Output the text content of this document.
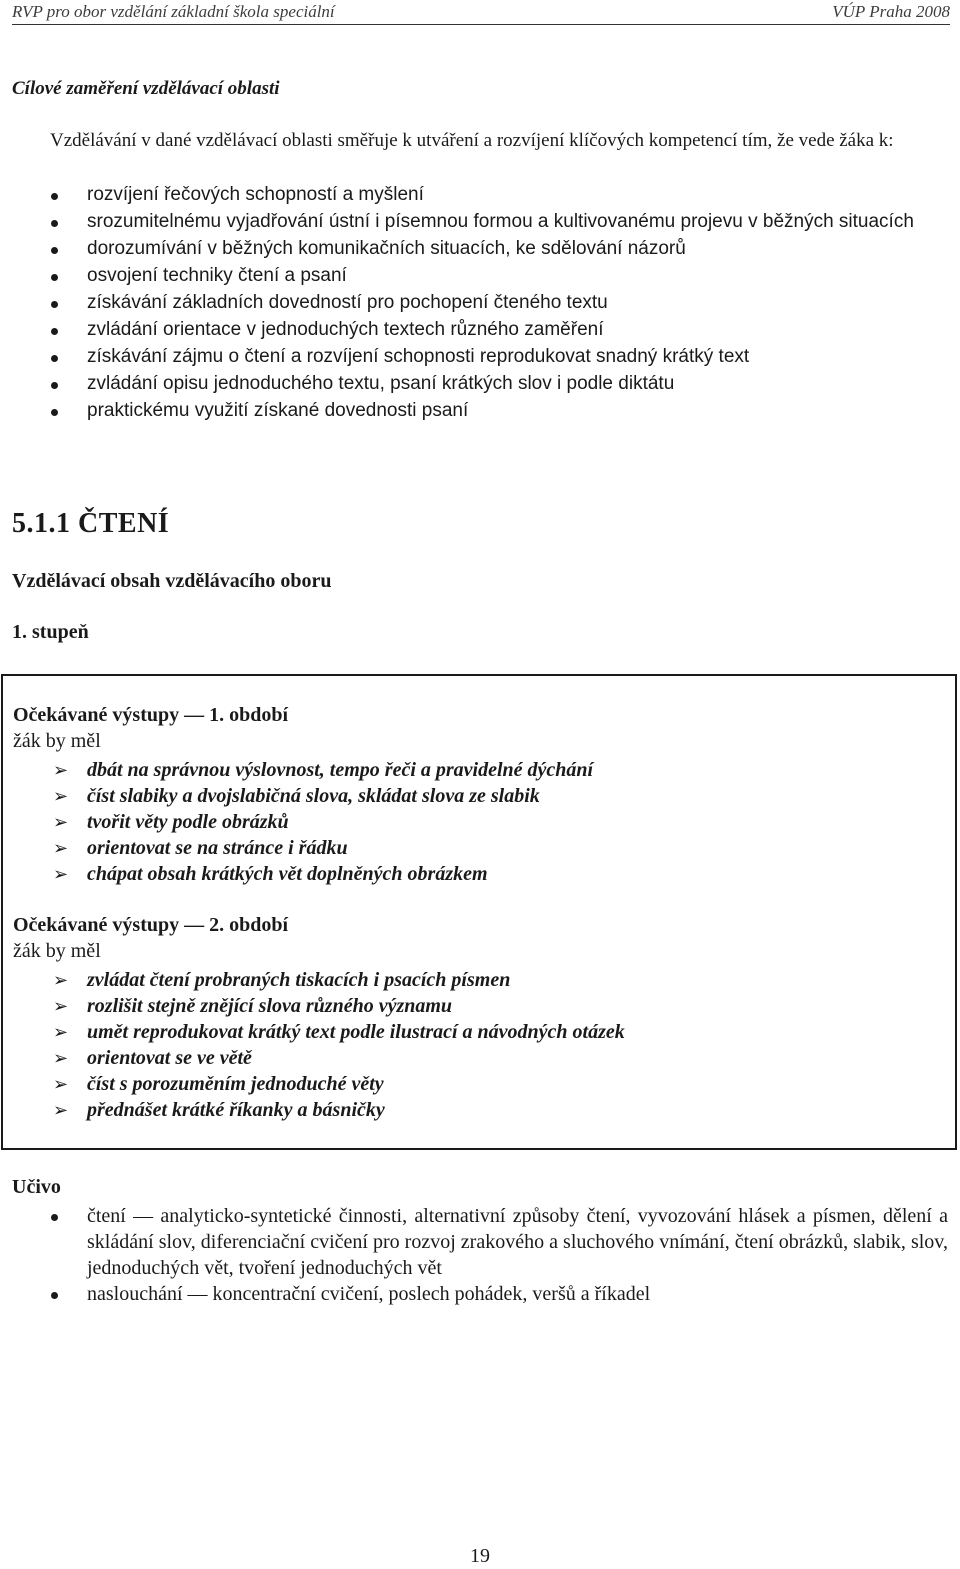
RVP pro obor vzdělání základní škola speciální	VÚP Praha 2008
Cílové zaměření vzdělávací oblasti
Vzdělávání v dané vzdělávací oblasti směřuje k utváření a rozvíjení klíčových kompetencí tím, že vede žáka k:
rozvíjení řečových schopností a myšlení
srozumitelnému vyjadřování ústní i písemnou formou a kultivovanému projevu v běžných situacích
dorozumívání v běžných komunikačních situacích, ke sdělování názorů
osvojení techniky čtení a psaní
získávání základních dovedností pro pochopení čteného textu
zvládání orientace v jednoduchých textech různého zaměření
získávání zájmu o čtení a rozvíjení schopnosti reprodukovat snadný krátký text
zvládání opisu jednoduchého textu, psaní krátkých slov i podle diktátu
praktickému využití získané dovednosti psaní
5.1.1 ČTENÍ
Vzdělávací obsah vzdělávacího oboru
1. stupeň
Očekávané výstupy — 1. období
žák by měl
➢ dbát na správnou výslovnost, tempo řeči a pravidelné dýchání
➢ číst slabiky a dvojslabičná slova, skládat slova ze slabik
➢ tvořit věty podle obrázků
➢ orientovat se na stránce i řádku
➢ chápat obsah krátkých vět doplněných obrázkem
Očekávané výstupy — 2. období
žák by měl
➢ zvládat čtení probraných tiskacích i psacích písmen
➢ rozlišit stejně znějící slova různého významu
➢ umět reprodukovat krátký text podle ilustrací a návodných otázek
➢ orientovat se ve větě
➢ číst s porozuměním jednoduché věty
➢ přednášet krátké říkanky a básničky
Učivo
čtení — analyticko-syntetické činnosti, alternativní způsoby čtení, vyvozování hlásek a písmen, dělení a skládání slov, diferenciační cvičení pro rozvoj zrakového a sluchového vnímání, čtení obrázků, slabik, slov, jednoduchých vět, tvoření jednoduchých vět
naslouchání — koncentrační cvičení, poslech pohádek, veršů a říkadel
19
